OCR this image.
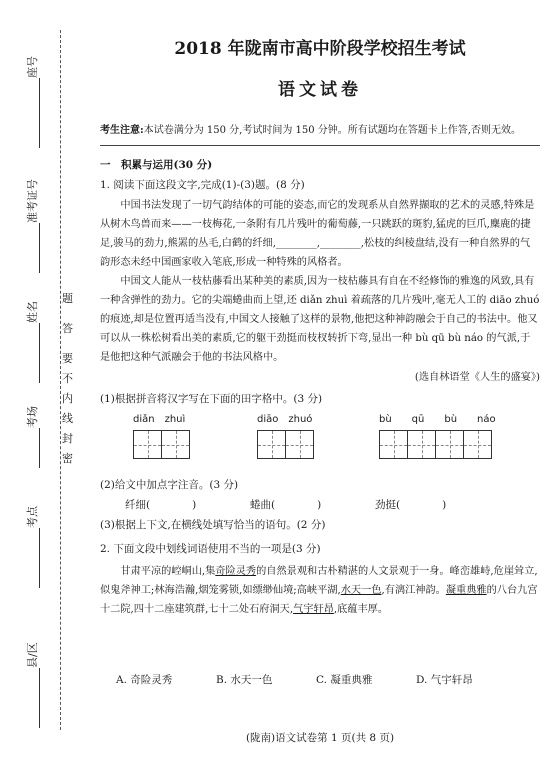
座号
准考证号
姓名
考场
考点
县/区
题
答
要
不
内
线
封
密
2018 年陇南市高中阶段学校招生考试
语文试卷
考生注意:本试卷满分为 150 分,考试时间为 150 分钟。所有试题均在答题卡上作答,否则无效。
一　积累与运用(30 分)
1. 阅读下面这段文字,完成(1)-(3)题。(8 分)
中国书法发现了一切气韵结体的可能的姿态,而它的发现系从自然界撷取的艺术的灵感,特殊是从树木鸟兽而来——一枝梅花,一条附有几片残叶的葡萄藤,一只跳跃的斑豹,猛虎的巨爪,麋鹿的捷足,骏马的劲力,熊罴的丛毛,白鹤的纤细,________,________,松枝的纠棱盘结,没有一种自然界的气韵形态未经中国画家收入笔底,形成一种特殊的风格者。
中国文人能从一枝枯藤看出某种美的素质,因为一枝枯藤具有自在不经修饰的雅逸的风致,具有一种含弹性的劲力。它的尖端蜷曲而上望,还 diǎn zhuì 着疏落的几片残叶,毫无人工的 diāo zhuó 的痕迹,却是位置再适当没有,中国文人接触了这样的景物,他把这种神韵融会于自己的书法中。他又可以从一株松树看出美的素质,它的躯干劲挺而枝杈转折下弯,显出一种 bù qū bù náo 的气派,于是他把这种气派融会于他的书法风格中。
(选自林语堂《人生的盛宴》)
(1)根据拼音将汉字写在下面的田字格中。(3 分)
diǎn　zhuì	diāo　zhuó	bù　　qū　　bù　　náo
(2)给文中加点字注音。(3 分)
纤细(　　　　)	蜷曲(　　　　)	劲挺(　　　　)
(3)根据上下文,在横线处填写恰当的语句。(2 分)
2. 下面文段中划线词语使用不当的一项是(3 分)
甘肃平凉的崆峒山,集奇险灵秀的自然景观和古朴精湛的人文景观于一身。峰峦雄峙,危崖耸立,似鬼斧神工;林海浩瀚,烟笼雾锁,如缥缈仙境;高峡平湖,水天一色,有漓江神韵。凝重典雅的八台九宫十二院,四十二座建筑群,七十二处石府洞天,气宇轩昂,底蕴丰厚。
A. 奇险灵秀	B. 水天一色	C. 凝重典雅	D. 气宇轩昂
(陇南)语文试卷第 1 页(共 8 页)
